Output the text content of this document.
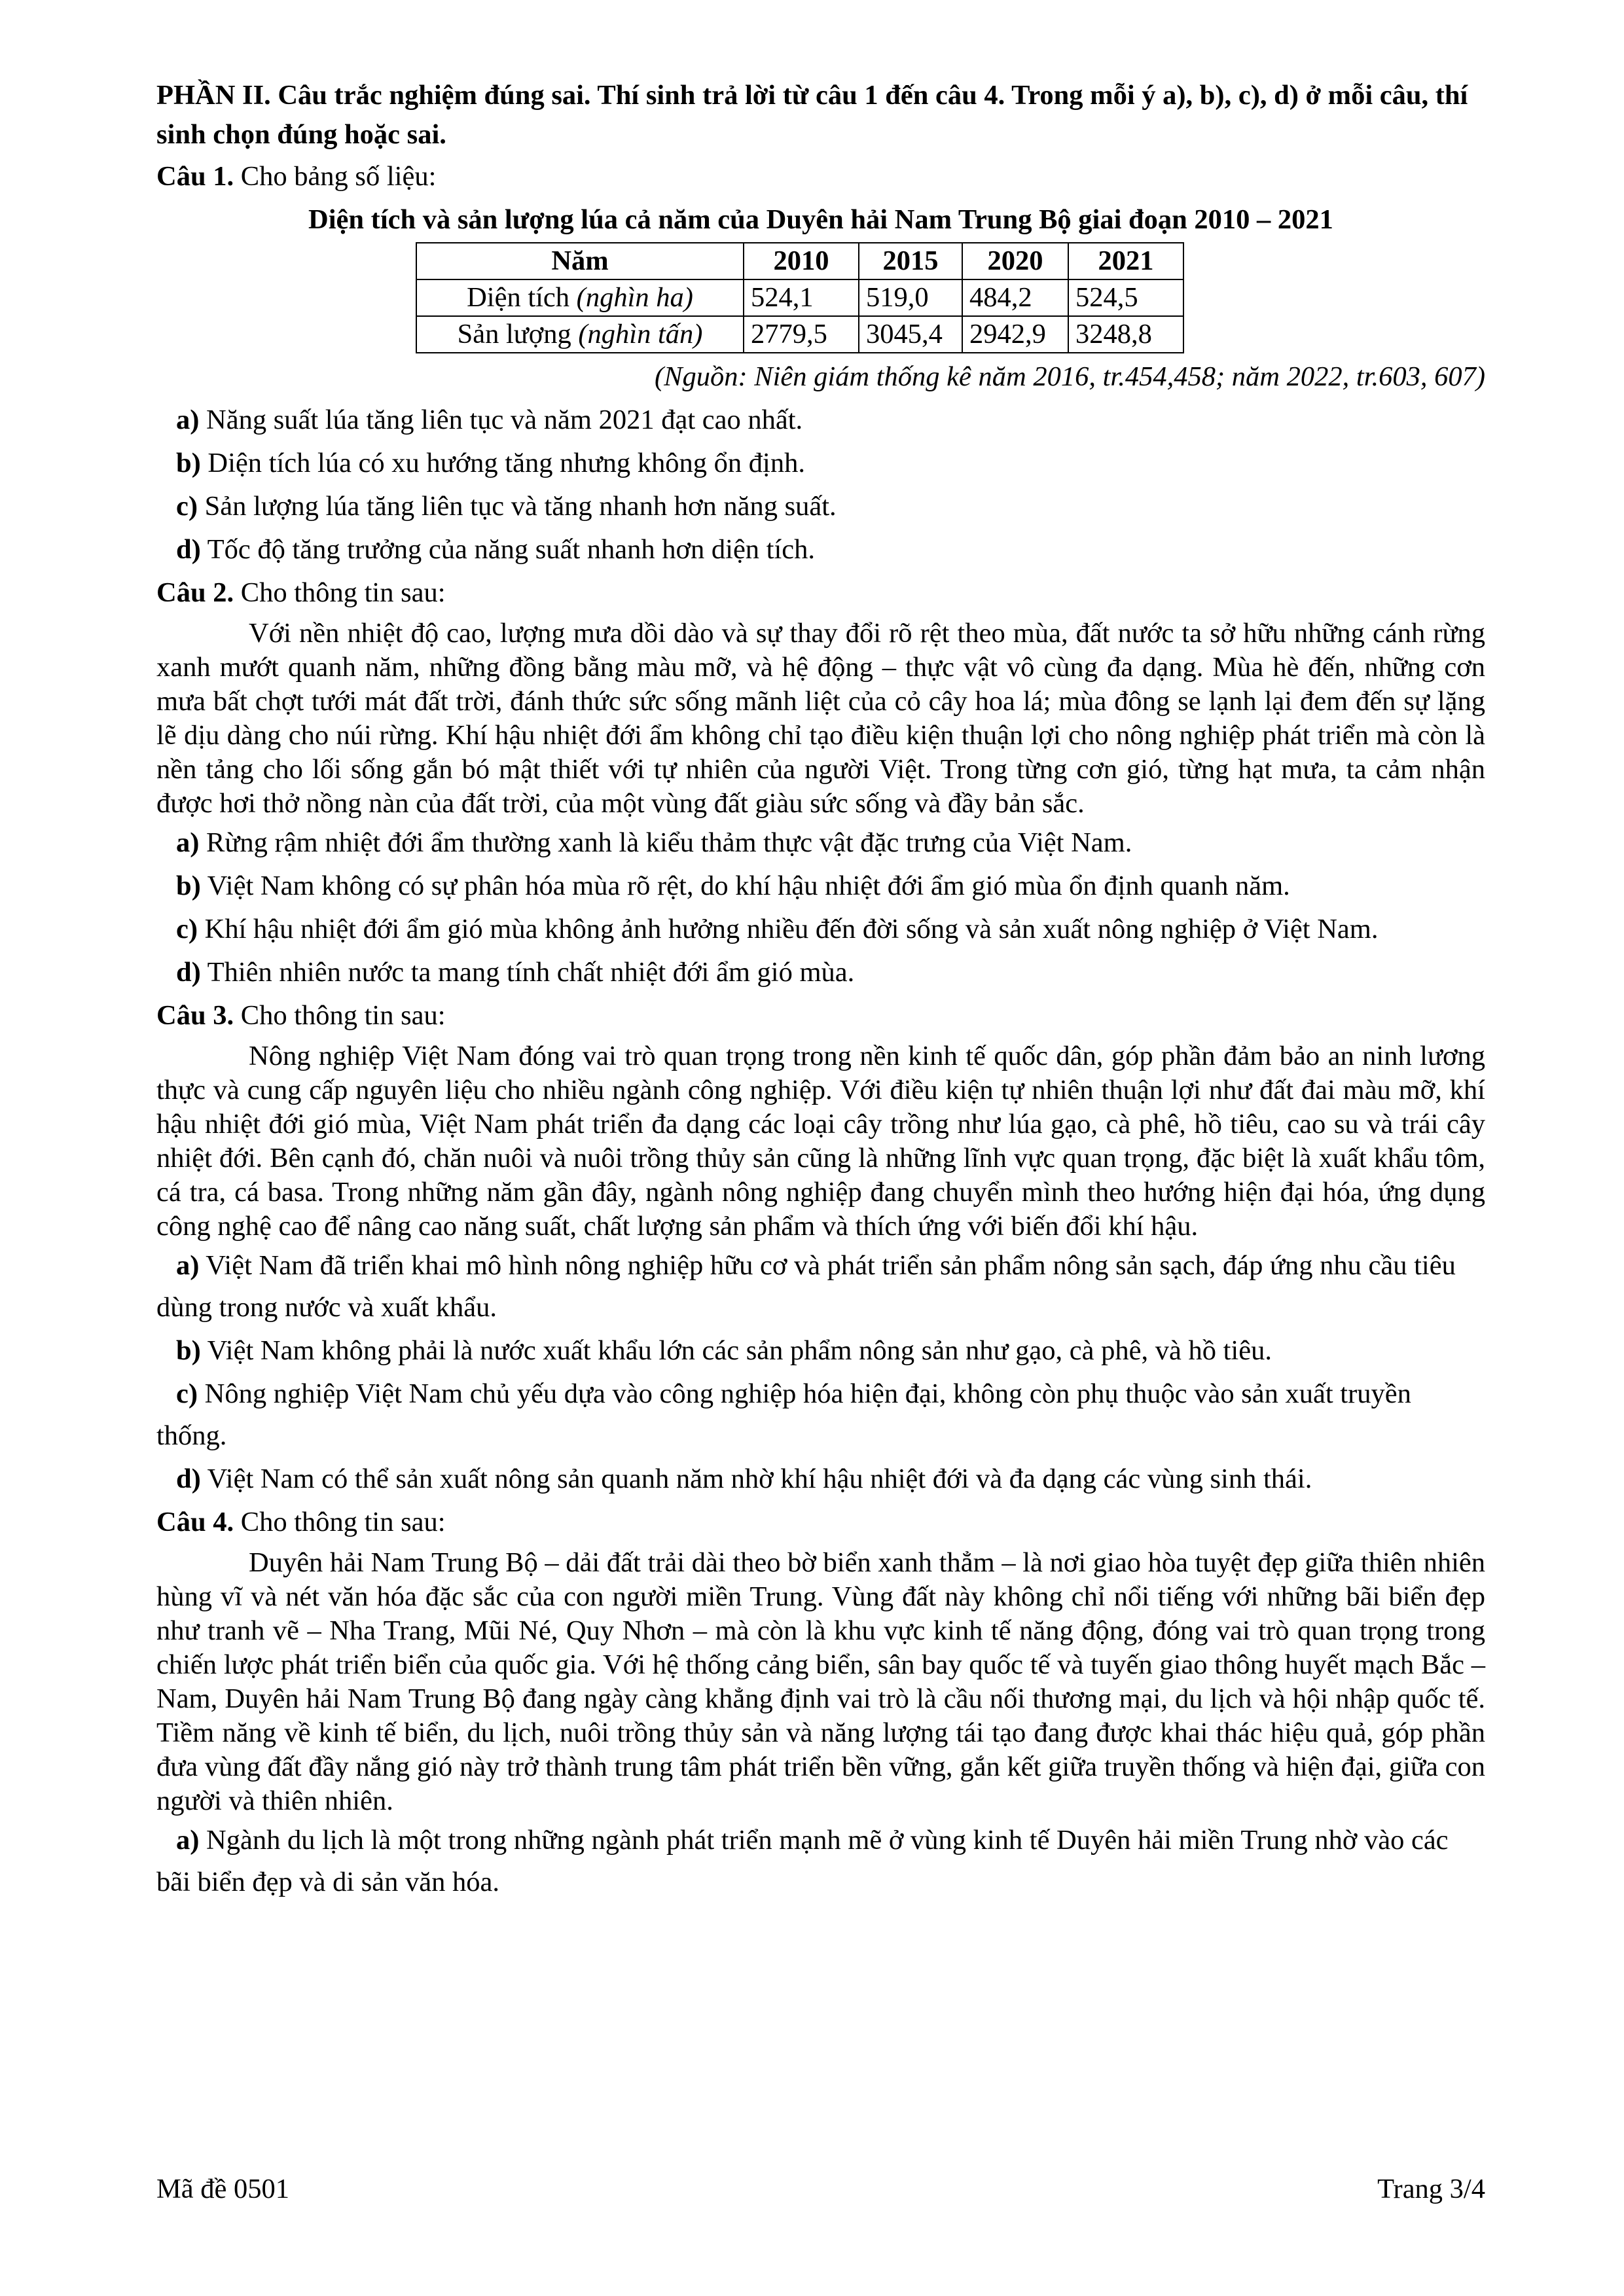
PHẦN II. Câu trắc nghiệm đúng sai. Thí sinh trả lời từ câu 1 đến câu 4. Trong mỗi ý a), b), c), d) ở mỗi câu, thí sinh chọn đúng hoặc sai.

Câu 1. Cho bảng số liệu:

Diện tích và sản lượng lúa cả năm của Duyên hải Nam Trung Bộ giai đoạn 2010 – 2021

Năm	2010	2015	2020	2021
Diện tích (nghìn ha)	524,1	519,0	484,2	524,5
Sản lượng (nghìn tấn)	2779,5	3045,4	2942,9	3248,8

(Nguồn: Niên giám thống kê năm 2016, tr.454,458; năm 2022, tr.603, 607)

a) Năng suất lúa tăng liên tục và năm 2021 đạt cao nhất.

b) Diện tích lúa có xu hướng tăng nhưng không ổn định.

c) Sản lượng lúa tăng liên tục và tăng nhanh hơn năng suất.

d) Tốc độ tăng trưởng của năng suất nhanh hơn diện tích.

Câu 2. Cho thông tin sau:

Với nền nhiệt độ cao, lượng mưa dồi dào và sự thay đổi rõ rệt theo mùa, đất nước ta sở hữu những cánh rừng xanh mướt quanh năm, những đồng bằng màu mỡ, và hệ động – thực vật vô cùng đa dạng. Mùa hè đến, những cơn mưa bất chợt tưới mát đất trời, đánh thức sức sống mãnh liệt của cỏ cây hoa lá; mùa đông se lạnh lại đem đến sự lặng lẽ dịu dàng cho núi rừng. Khí hậu nhiệt đới ẩm không chỉ tạo điều kiện thuận lợi cho nông nghiệp phát triển mà còn là nền tảng cho lối sống gắn bó mật thiết với tự nhiên của người Việt. Trong từng cơn gió, từng hạt mưa, ta cảm nhận được hơi thở nồng nàn của đất trời, của một vùng đất giàu sức sống và đầy bản sắc.

a) Rừng rậm nhiệt đới ẩm thường xanh là kiểu thảm thực vật đặc trưng của Việt Nam.

b) Việt Nam không có sự phân hóa mùa rõ rệt, do khí hậu nhiệt đới ẩm gió mùa ổn định quanh năm.

c) Khí hậu nhiệt đới ẩm gió mùa không ảnh hưởng nhiều đến đời sống và sản xuất nông nghiệp ở Việt Nam.

d) Thiên nhiên nước ta mang tính chất nhiệt đới ẩm gió mùa.

Câu 3. Cho thông tin sau:

Nông nghiệp Việt Nam đóng vai trò quan trọng trong nền kinh tế quốc dân, góp phần đảm bảo an ninh lương thực và cung cấp nguyên liệu cho nhiều ngành công nghiệp. Với điều kiện tự nhiên thuận lợi như đất đai màu mỡ, khí hậu nhiệt đới gió mùa, Việt Nam phát triển đa dạng các loại cây trồng như lúa gạo, cà phê, hồ tiêu, cao su và trái cây nhiệt đới. Bên cạnh đó, chăn nuôi và nuôi trồng thủy sản cũng là những lĩnh vực quan trọng, đặc biệt là xuất khẩu tôm, cá tra, cá basa. Trong những năm gần đây, ngành nông nghiệp đang chuyển mình theo hướng hiện đại hóa, ứng dụng công nghệ cao để nâng cao năng suất, chất lượng sản phẩm và thích ứng với biến đổi khí hậu.

a) Việt Nam đã triển khai mô hình nông nghiệp hữu cơ và phát triển sản phẩm nông sản sạch, đáp ứng nhu cầu tiêu dùng trong nước và xuất khẩu.

b) Việt Nam không phải là nước xuất khẩu lớn các sản phẩm nông sản như gạo, cà phê, và hồ tiêu.

c) Nông nghiệp Việt Nam chủ yếu dựa vào công nghiệp hóa hiện đại, không còn phụ thuộc vào sản xuất truyền thống.

d) Việt Nam có thể sản xuất nông sản quanh năm nhờ khí hậu nhiệt đới và đa dạng các vùng sinh thái.

Câu 4. Cho thông tin sau:

Duyên hải Nam Trung Bộ – dải đất trải dài theo bờ biển xanh thẳm – là nơi giao hòa tuyệt đẹp giữa thiên nhiên hùng vĩ và nét văn hóa đặc sắc của con người miền Trung. Vùng đất này không chỉ nổi tiếng với những bãi biển đẹp như tranh vẽ – Nha Trang, Mũi Né, Quy Nhơn – mà còn là khu vực kinh tế năng động, đóng vai trò quan trọng trong chiến lược phát triển biển của quốc gia. Với hệ thống cảng biển, sân bay quốc tế và tuyến giao thông huyết mạch Bắc – Nam, Duyên hải Nam Trung Bộ đang ngày càng khẳng định vai trò là cầu nối thương mại, du lịch và hội nhập quốc tế. Tiềm năng về kinh tế biển, du lịch, nuôi trồng thủy sản và năng lượng tái tạo đang được khai thác hiệu quả, góp phần đưa vùng đất đầy nắng gió này trở thành trung tâm phát triển bền vững, gắn kết giữa truyền thống và hiện đại, giữa con người và thiên nhiên.

a) Ngành du lịch là một trong những ngành phát triển mạnh mẽ ở vùng kinh tế Duyên hải miền Trung nhờ vào các bãi biển đẹp và di sản văn hóa.

Mã đề 0501	Trang 3/4
